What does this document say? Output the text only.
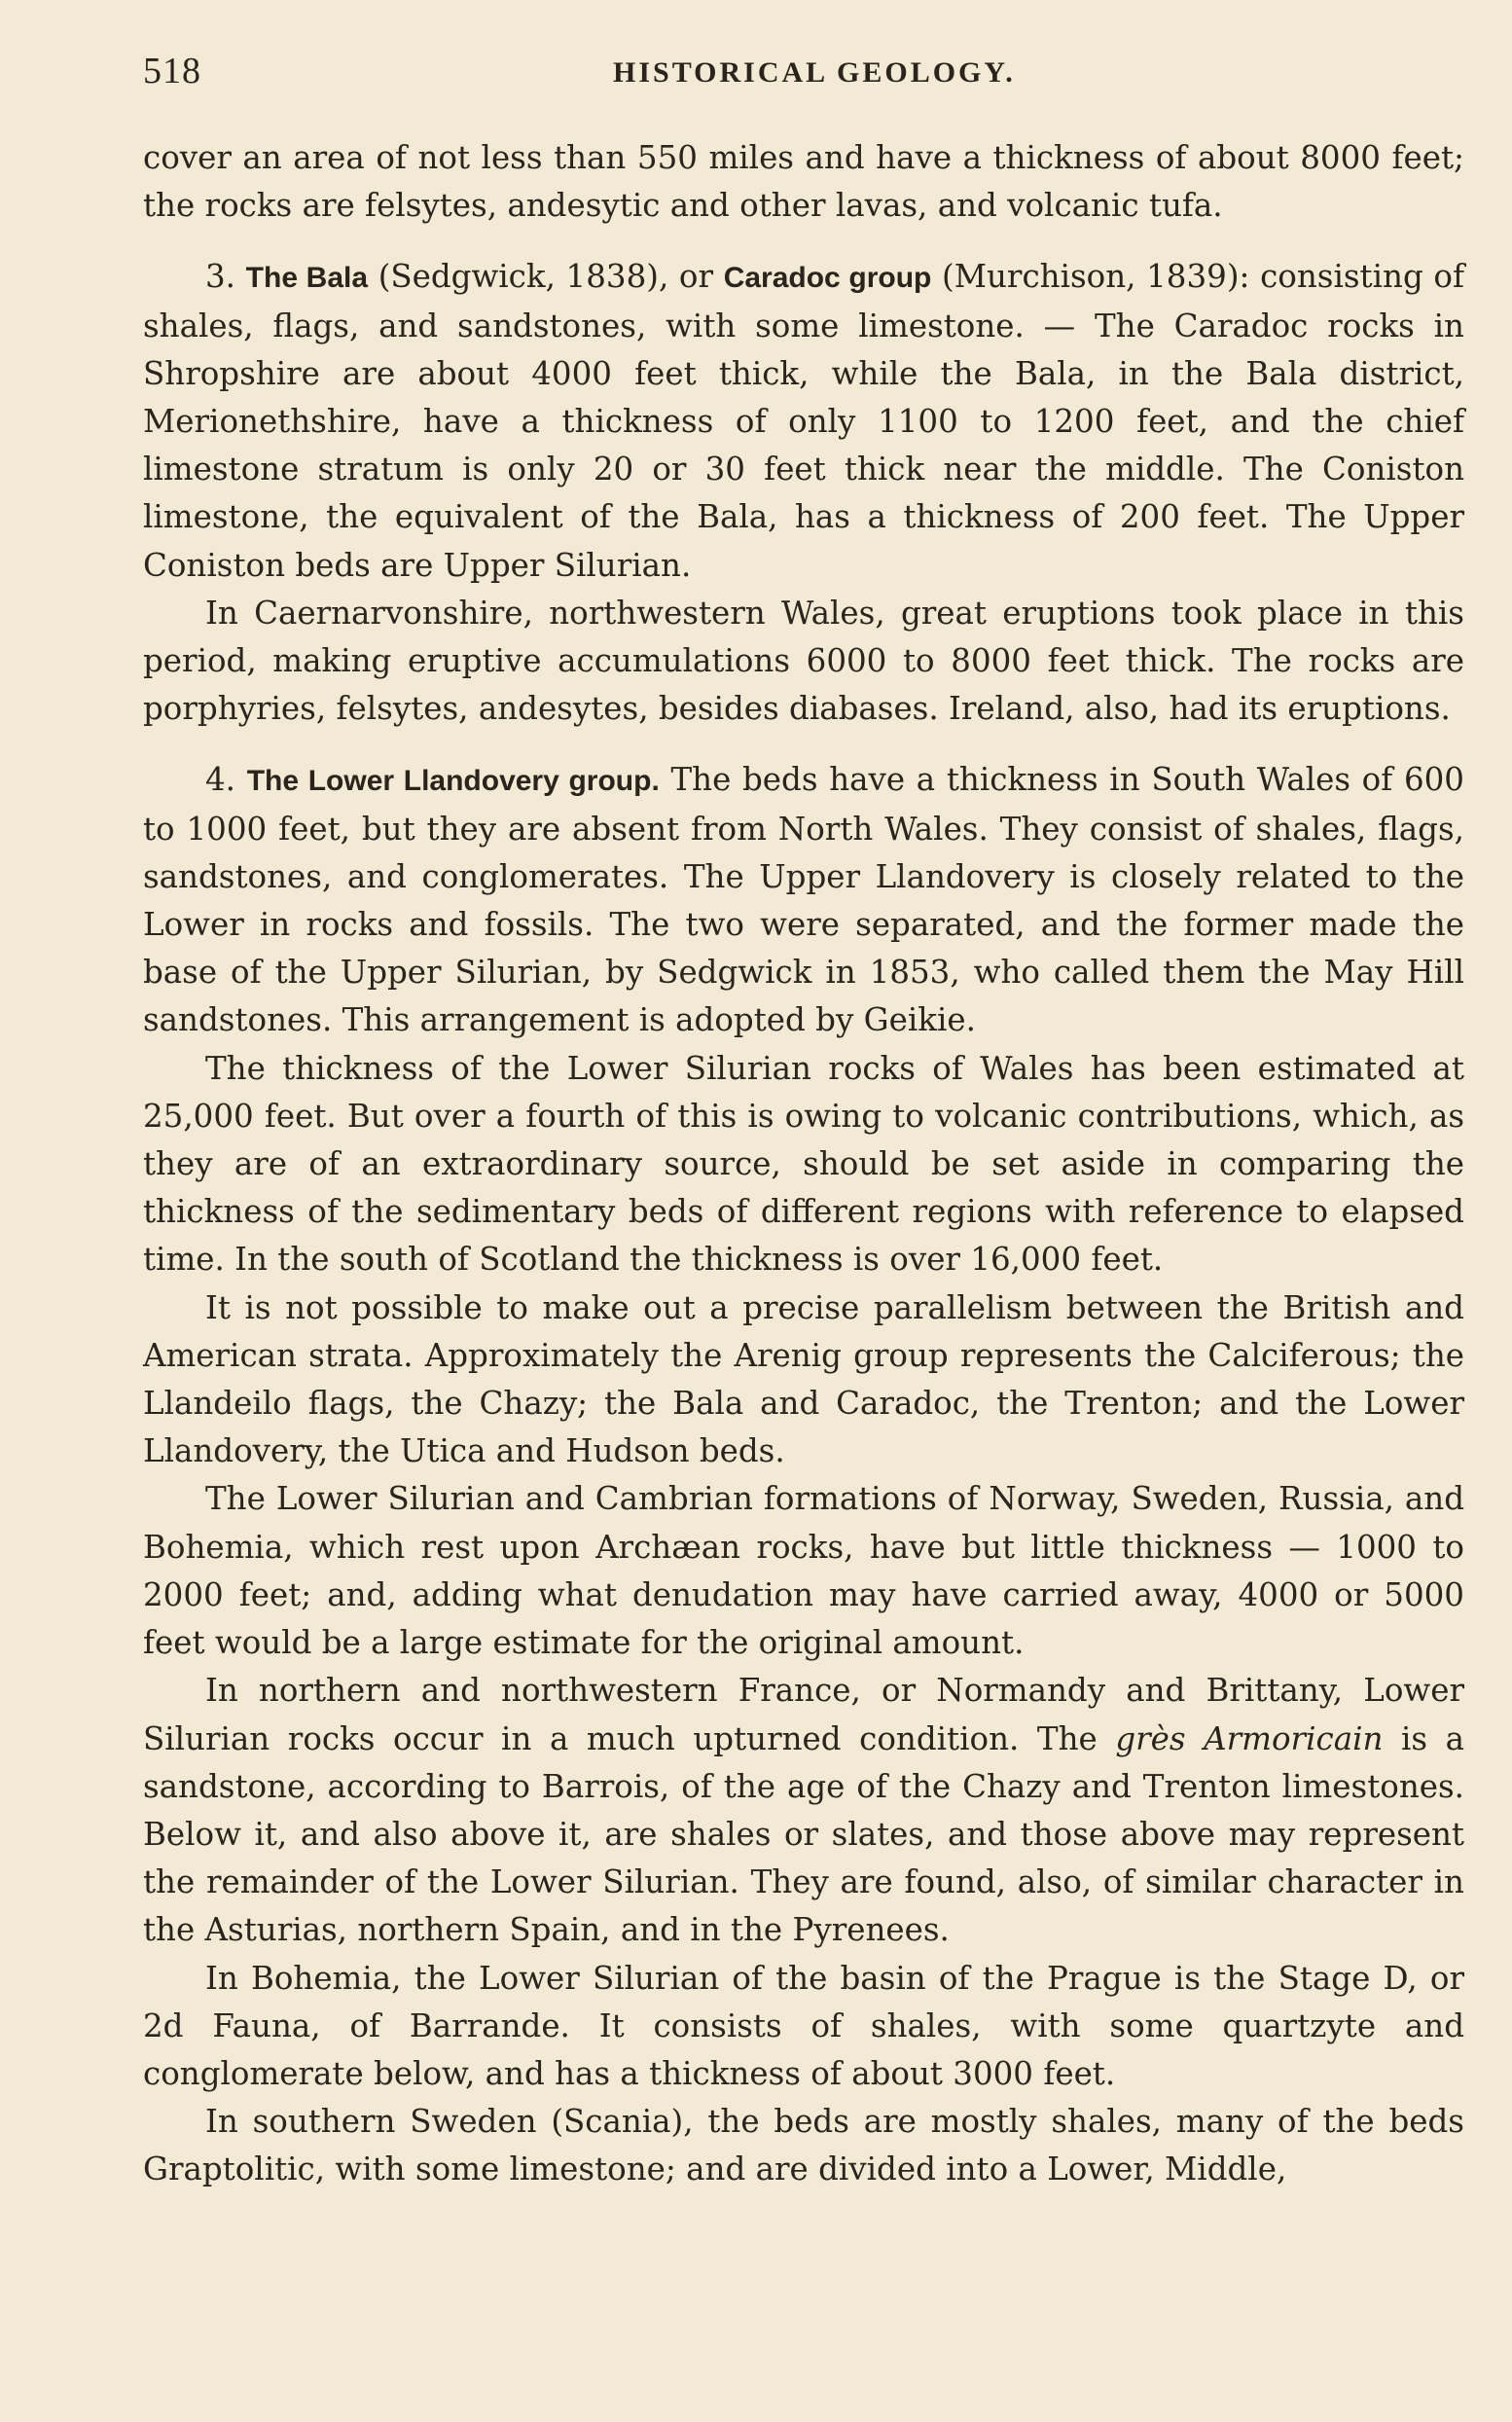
518	HISTORICAL GEOLOGY.

cover an area of not less than 550 miles and have a thickness of about 8000 feet; the rocks are felsytes, andesytic and other lavas, and volcanic tufa.

3. The Bala (Sedgwick, 1838), or Caradoc group (Murchison, 1839): consisting of shales, flags, and sandstones, with some limestone. — The Caradoc rocks in Shropshire are about 4000 feet thick, while the Bala, in the Bala district, Merionethshire, have a thickness of only 1100 to 1200 feet, and the chief limestone stratum is only 20 or 30 feet thick near the middle. The Coniston limestone, the equivalent of the Bala, has a thickness of 200 feet. The Upper Coniston beds are Upper Silurian.

In Caernarvonshire, northwestern Wales, great eruptions took place in this period, making eruptive accumulations 6000 to 8000 feet thick. The rocks are porphyries, felsytes, andesytes, besides diabases. Ireland, also, had its eruptions.

4. The Lower Llandovery group. The beds have a thickness in South Wales of 600 to 1000 feet, but they are absent from North Wales. They consist of shales, flags, sandstones, and conglomerates. The Upper Llandovery is closely related to the Lower in rocks and fossils. The two were separated, and the former made the base of the Upper Silurian, by Sedgwick in 1853, who called them the May Hill sandstones. This arrangement is adopted by Geikie.

The thickness of the Lower Silurian rocks of Wales has been estimated at 25,000 feet. But over a fourth of this is owing to volcanic contributions, which, as they are of an extraordinary source, should be set aside in comparing the thickness of the sedimentary beds of different regions with reference to elapsed time. In the south of Scotland the thickness is over 16,000 feet.

It is not possible to make out a precise parallelism between the British and American strata. Approximately the Arenig group represents the Calciferous; the Llandeilo flags, the Chazy; the Bala and Caradoc, the Trenton; and the Lower Llandovery, the Utica and Hudson beds.

The Lower Silurian and Cambrian formations of Norway, Sweden, Russia, and Bohemia, which rest upon Archæan rocks, have but little thickness — 1000 to 2000 feet; and, adding what denudation may have carried away, 4000 or 5000 feet would be a large estimate for the original amount.

In northern and northwestern France, or Normandy and Brittany, Lower Silurian rocks occur in a much upturned condition. The grès Armoricain is a sandstone, according to Barrois, of the age of the Chazy and Trenton limestones. Below it, and also above it, are shales or slates, and those above may represent the remainder of the Lower Silurian. They are found, also, of similar character in the Asturias, northern Spain, and in the Pyrenees.

In Bohemia, the Lower Silurian of the basin of the Prague is the Stage D, or 2d Fauna, of Barrande. It consists of shales, with some quartzyte and conglomerate below, and has a thickness of about 3000 feet.

In southern Sweden (Scania), the beds are mostly shales, many of the beds Graptolitic, with some limestone; and are divided into a Lower, Middle,
